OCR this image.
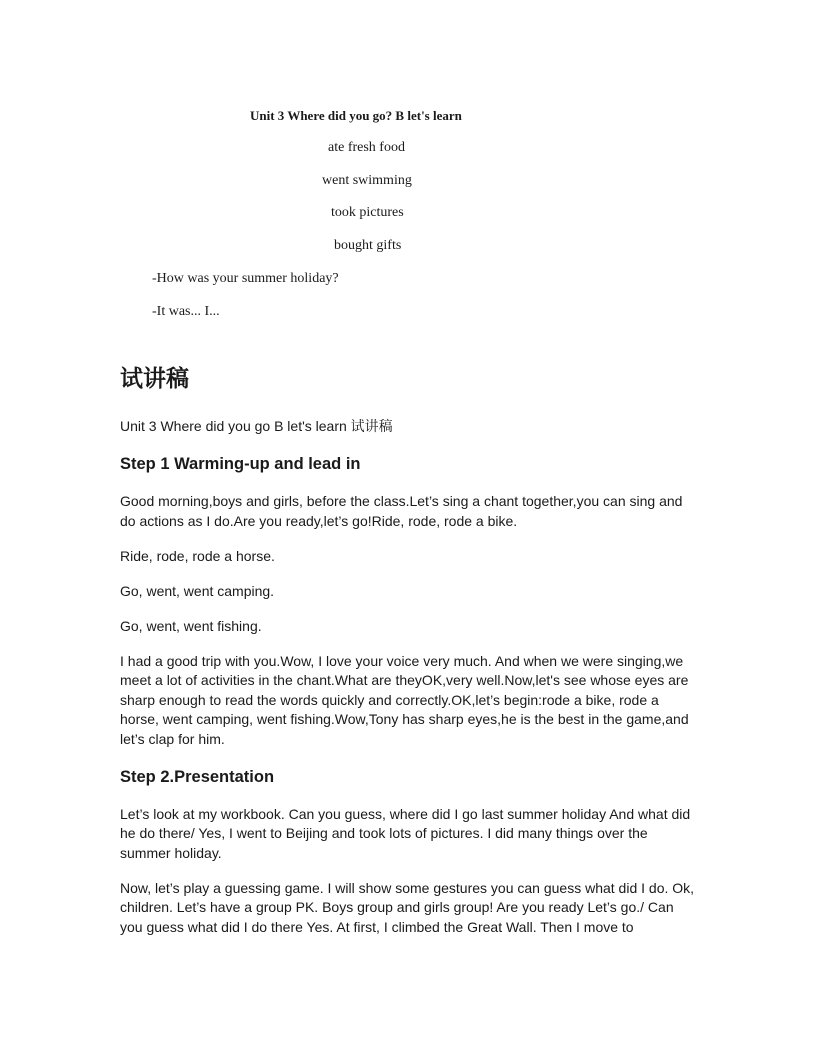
Unit 3 Where did you go? B let's learn
ate fresh food
went swimming
took pictures
bought gifts
-How was your summer holiday?
-It was... I...
试讲稿
Unit 3 Where did you go B let's learn 试讲稿
Step 1 Warming-up and lead in
Good morning,boys and girls, before the class.Let’s sing a chant together,you can sing and do actions as I do.Are you ready,let’s go!Ride, rode, rode a bike.
Ride, rode, rode a horse.
Go, went, went camping.
Go, went, went fishing.
I had a good trip with you.Wow, I love your voice very much. And when we were singing,we meet a lot of activities in the chant.What are theyOK,very well.Now,let's see whose eyes are sharp enough to read the words quickly and correctly.OK,let’s begin:rode a bike, rode a horse, went camping, went fishing.Wow,Tony has sharp eyes,he is the best in the game,and let’s clap for him.
Step 2.Presentation
Let’s look at my workbook. Can you guess, where did I go last summer holiday And what did he do there/ Yes, I went to Beijing and took lots of pictures. I did many things over the summer holiday.
Now, let’s play a guessing game. I will show some gestures you can guess what did I do. Ok, children. Let’s have a group PK. Boys group and girls group! Are you ready Let’s go./ Can you guess what did I do there Yes. At first, I climbed the Great Wall. Then I move to
